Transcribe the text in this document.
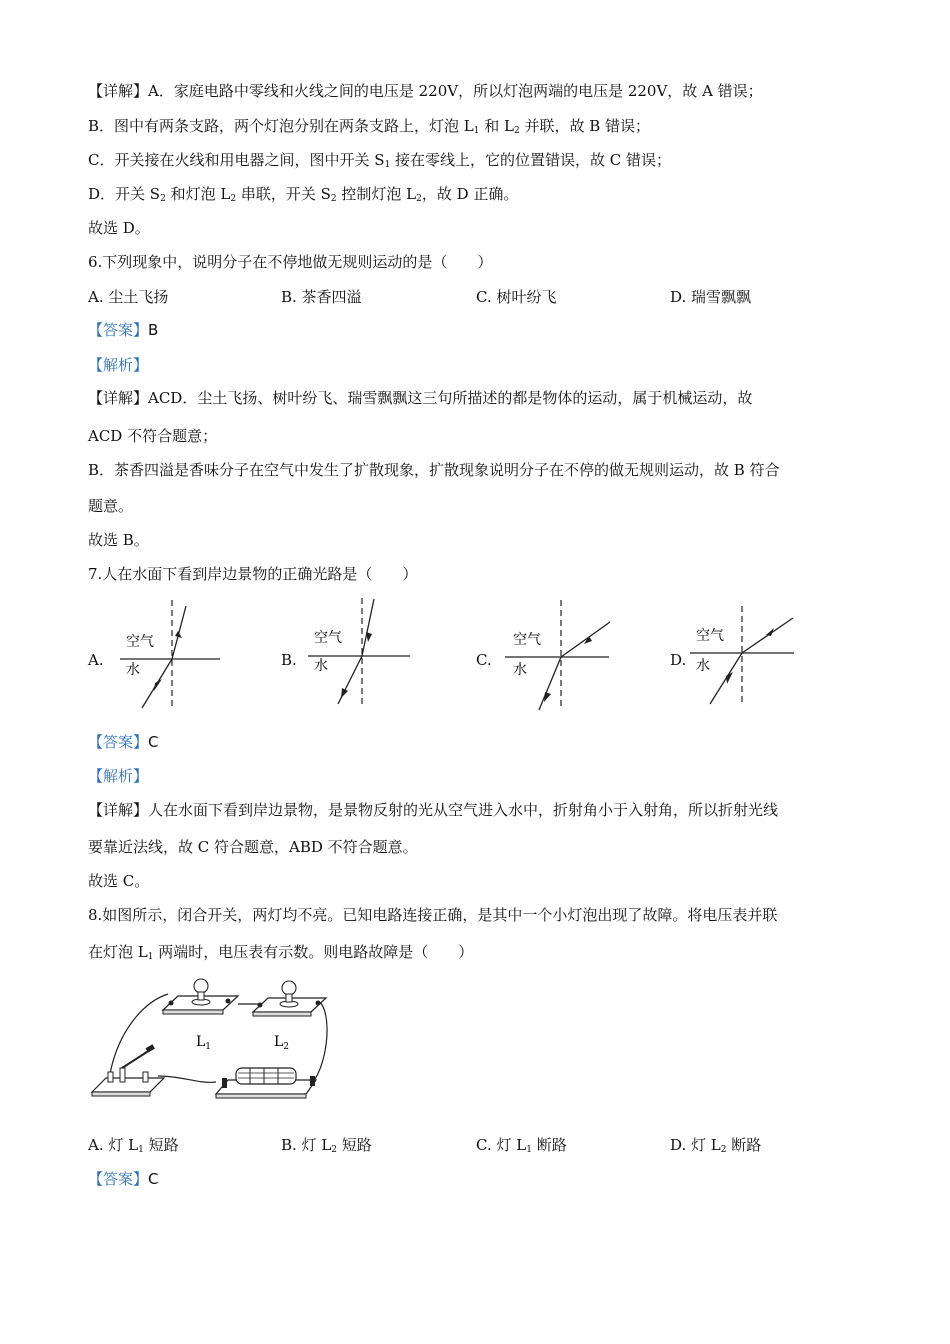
【详解】A．家庭电路中零线和火线之间的电压是 220V，所以灯泡两端的电压是 220V，故 A 错误；
B．图中有两条支路，两个灯泡分别在两条支路上，灯泡 $L_1$ 和 $L_2$ 并联，故 B 错误；
C．开关接在火线和用电器之间，图中开关 $S_1$ 接在零线上，它的位置错误，故 C 错误；
D．开关 $S_2$ 和灯泡 $L_2$ 串联，开关 $S_2$ 控制灯泡 $L_2$，故 D 正确。
故选 D。
6.下列现象中，说明分子在不停地做无规则运动的是（　　）
A. 尘土飞扬	B. 茶香四溢	C. 树叶纷飞	D. 瑞雪飘飘
【答案】B
【解析】
【详解】ACD．尘土飞扬、树叶纷飞、瑞雪飘飘这三句所描述的都是物体的运动，属于机械运动，故
ACD 不符合题意；
B．茶香四溢是香味分子在空气中发生了扩散现象，扩散现象说明分子在不停的做无规则运动，故 B 符合
题意。
故选 B。
7.人在水面下看到岸边景物的正确光路是（　　）
A.
空气
水
B.
空气
水	C.
空气
水
D.
空气
水
【答案】C
【解析】
【详解】人在水面下看到岸边景物，是景物反射的光从空气进入水中，折射角小于入射角，所以折射光线
要靠近法线，故 C 符合题意，ABD 不符合题意。
故选 C。
8.如图所示，闭合开关，两灯均不亮。已知电路连接正确，是其中一个小灯泡出现了故障。将电压表并联
在灯泡 $L_1$ 两端时，电压表有示数。则电路故障是（　　）
$L_1$	$L_2$
A. 灯 $L_1$ 短路	B. 灯 $L_2$ 短路	C. 灯 $L_1$ 断路	D. 灯 $L_2$ 断路
【答案】C
